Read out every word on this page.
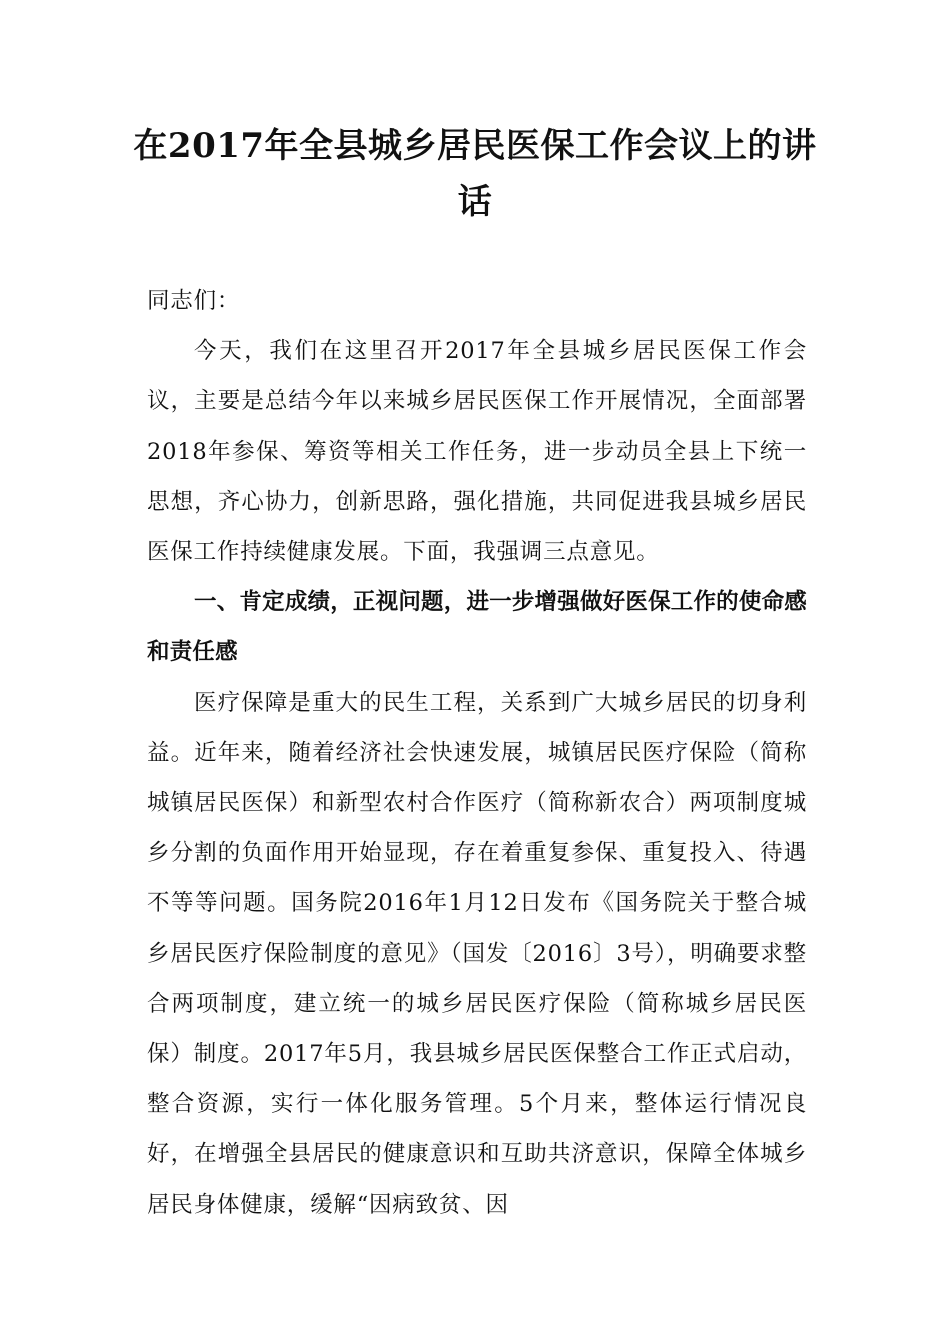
在2017年全县城乡居民医保工作会议上的讲话

同志们：

今天，我们在这里召开2017年全县城乡居民医保工作会议，主要是总结今年以来城乡居民医保工作开展情况，全面部署2018年参保、筹资等相关工作任务，进一步动员全县上下统一思想，齐心协力，创新思路，强化措施，共同促进我县城乡居民医保工作持续健康发展。下面，我强调三点意见。

一、肯定成绩，正视问题，进一步增强做好医保工作的使命感和责任感

医疗保障是重大的民生工程，关系到广大城乡居民的切身利益。近年来，随着经济社会快速发展，城镇居民医疗保险（简称城镇居民医保）和新型农村合作医疗（简称新农合）两项制度城乡分割的负面作用开始显现，存在着重复参保、重复投入、待遇不等等问题。国务院2016年1月12日发布《国务院关于整合城乡居民医疗保险制度的意见》（国发〔2016〕3号），明确要求整合两项制度，建立统一的城乡居民医疗保险（简称城乡居民医保）制度。2017年5月，我县城乡居民医保整合工作正式启动，整合资源，实行一体化服务管理。5个月来，整体运行情况良好，在增强全县居民的健康意识和互助共济意识，保障全体城乡居民身体健康，缓解“因病致贫、因
